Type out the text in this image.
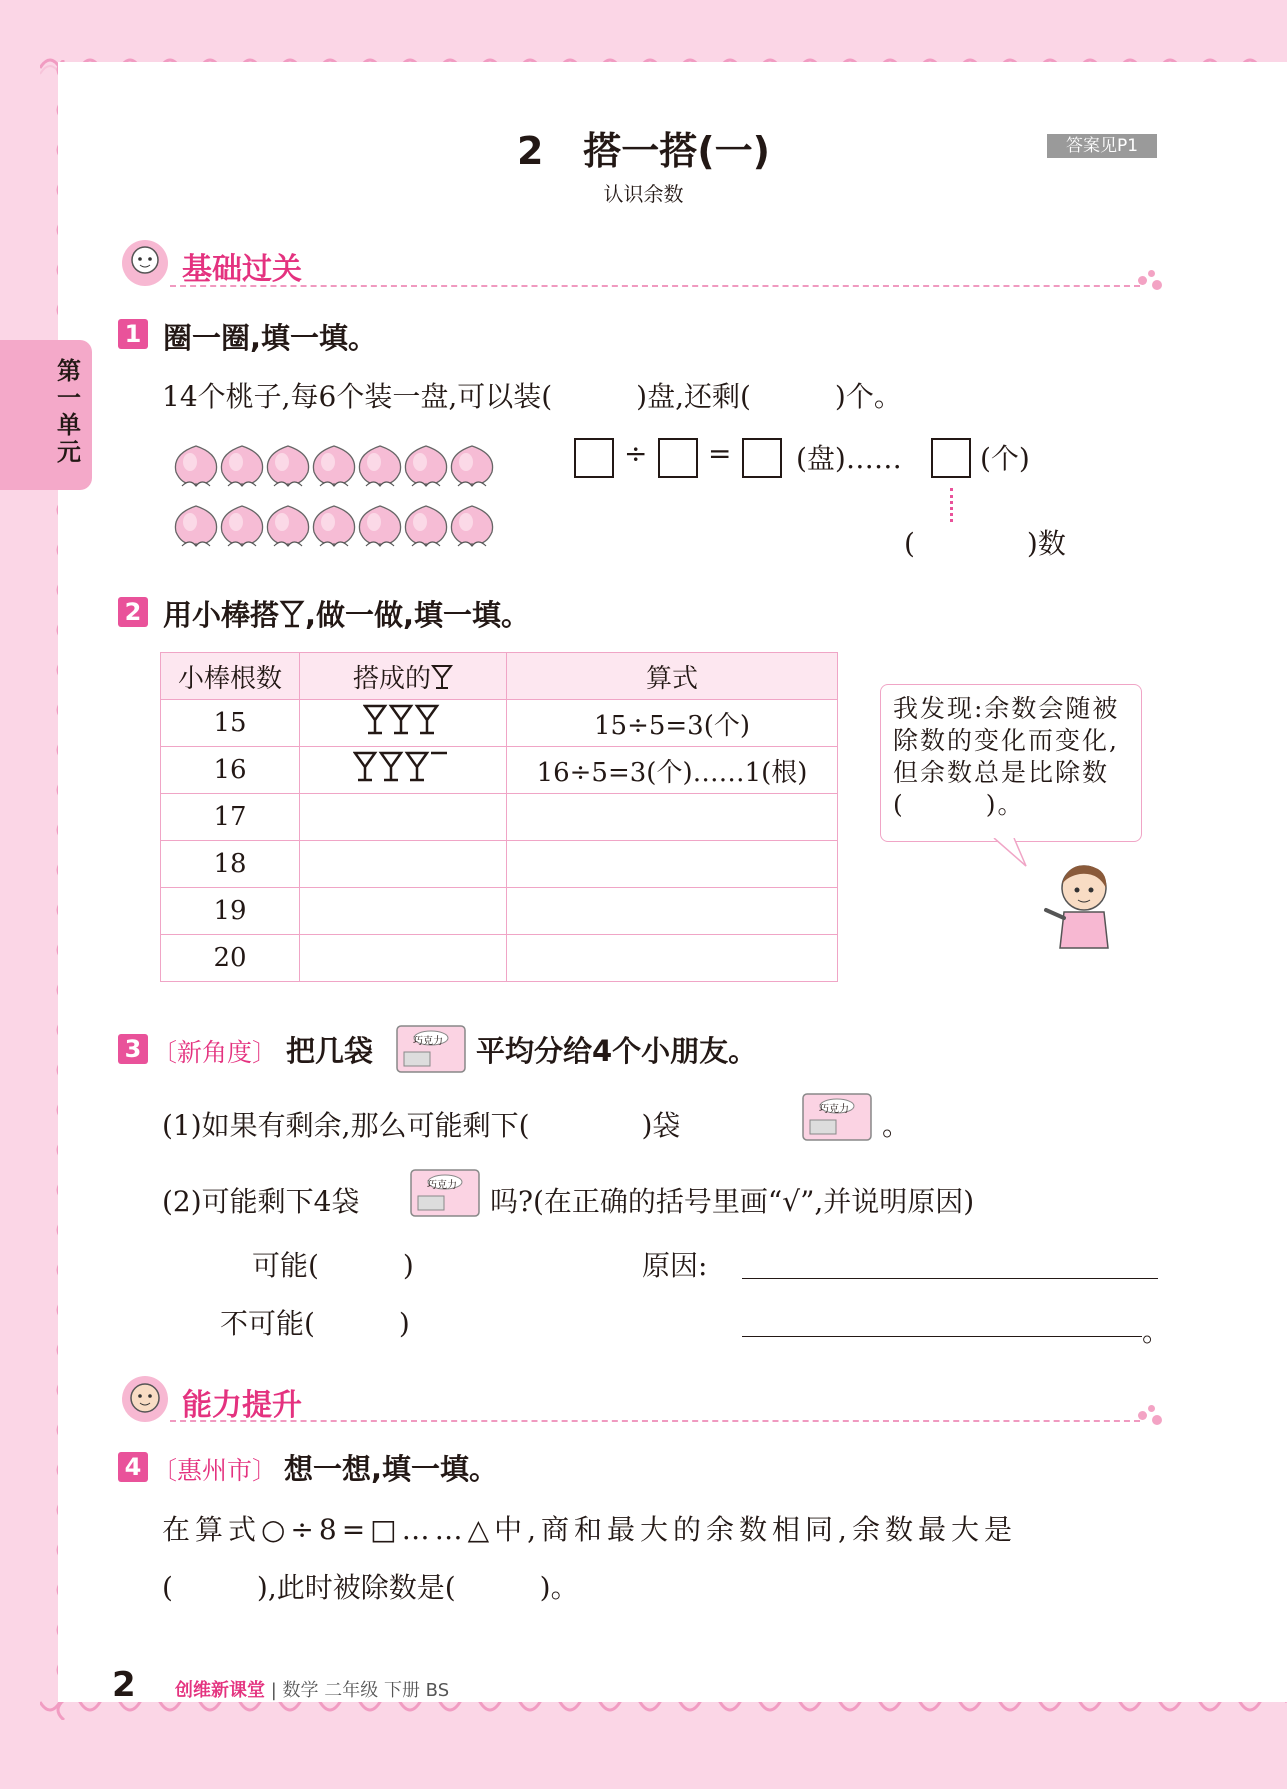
第一单元
2 搭一搭(一)
认识余数
答案见P1
基础过关
1 圈一圈,填一填。
14个桃子,每6个装一盘,可以装(　　　)盘,还剩(　　　)个。
÷ = (盘)……	(个)
(　　　　)数
2 用小棒搭 ,做一做,填一填。
小棒根数	搭成的	算式
15		15÷5=3(个)
16		16÷5=3(个)……1(根)
17		
18		
19		
20		
我发现:余数会随被除数的变化而变化,但余数总是比除数(　　　)。
3 〔新角度〕 把几袋	巧克力 平均分给4个小朋友。
(1)如果有剩余,那么可能剩下(　　　　)袋	巧克力 。
(2)可能剩下4袋	巧克力 吗?(在正确的括号里画“√”,并说明原因)
可能(　　　)	原因:
不可能(　　　)	。
能力提升
4 〔惠州市〕 想一想,填一填。
在算式○÷8=□……△中,商和最大的余数相同,余数最大是
(　　　),此时被除数是(　　　)。
2 创维新课堂 | 数学 二年级 下册 BS
